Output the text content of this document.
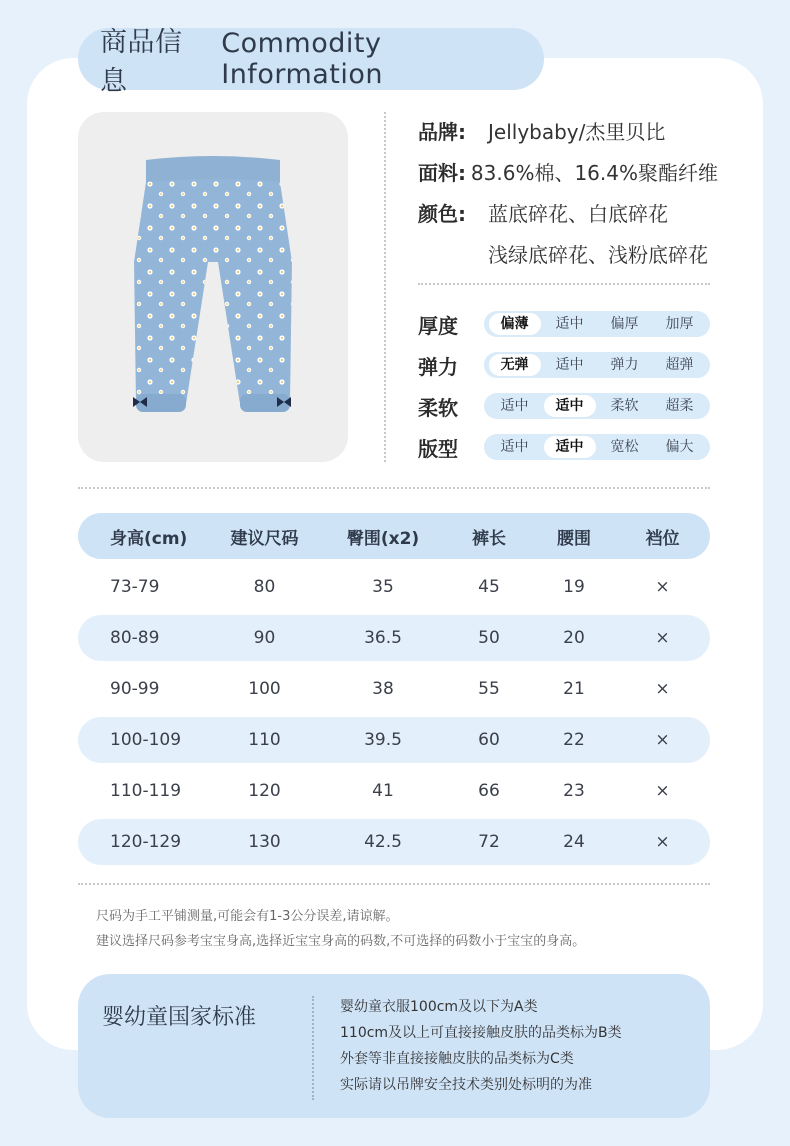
商品信息
Commodity Information
品牌:	Jellybaby/杰里贝比
面料: 83.6%棉、16.4%聚酯纤维
颜色:	蓝底碎花、白底碎花
浅绿底碎花、浅粉底碎花
厚度	偏薄	适中	偏厚	加厚
弹力	无弹	适中	弹力	超弹
柔软	适中	适中	柔软	超柔
版型	适中	适中	宽松	偏大
身高(cm)	建议尺码	臀围(x2)	裤长	腰围	裆位
73-79	80	35	45	19	×
80-89	90	36.5	50	20	×
90-99	100	38	55	21	×
100-109	110	39.5	60	22	×
110-119	120	41	66	23	×
120-129	130	42.5	72	24	×
尺码为手工平铺测量,可能会有1-3公分误差,请谅解。
建议选择尺码参考宝宝身高,选择近宝宝身高的码数,不可选择的码数小于宝宝的身高。
婴幼童国家标准	婴幼童衣服100cm及以下为A类
110cm及以上可直接接触皮肤的品类标为B类
外套等非直接接触皮肤的品类标为C类
实际请以吊牌安全技术类别处标明的为准
